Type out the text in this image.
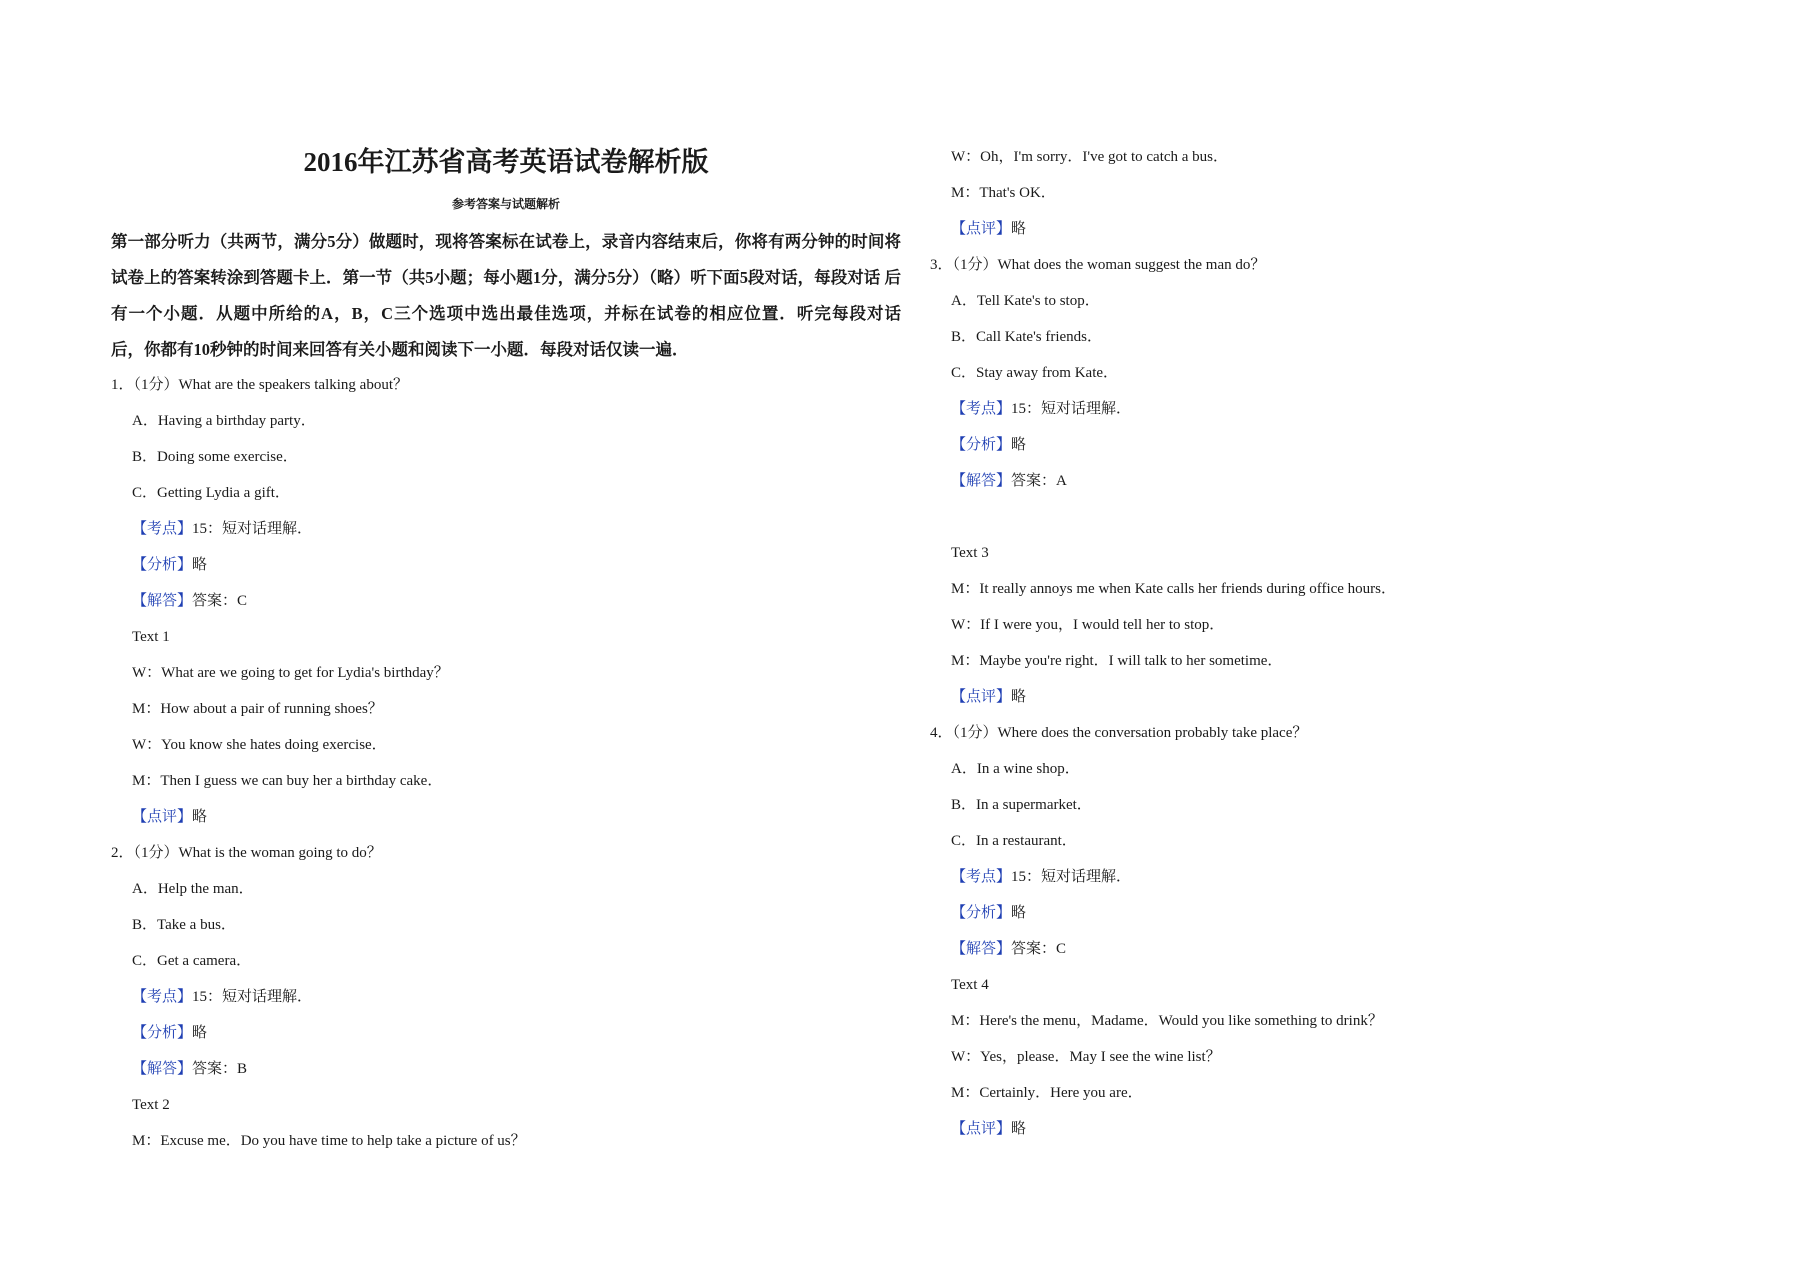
2016年江苏省高考英语试卷解析版
参考答案与试题解析
第一部分听力（共两节，满分5分）做题时，现将答案标在试卷上，录音内容结束后，你将有两分钟的时间将 试卷上的答案转涂到答题卡上．第一节（共5小题；每小题1分，满分5分）（略）听下面5段对话，每段对话 后有一个小题．从题中所给的A，B，C三个选项中选出最佳选项，并标在试卷的相应位置．听完每段对话
后，你都有10秒钟的时间来回答有关小题和阅读下一小题．每段对话仅读一遍．
1．（1分）What are the speakers talking about？
A．Having a birthday party．
B．Doing some exercise．
C．Getting Lydia a gift．
【考点】15：短对话理解．
【分析】略
【解答】答案：C
Text 1
W：What are we going to get for Lydia's birthday？
M：How about a pair of running shoes？
W：You know she hates doing exercise．
M：Then I guess we can buy her a birthday cake．
【点评】略
2．（1分）What is the woman going to do？
A．Help the man．
B．Take a bus．
C．Get a camera．
【考点】15：短对话理解．
【分析】略
【解答】答案：B
Text 2
M：Excuse me．Do you have time to help take a picture of us？
W：Oh，I'm sorry．I've got to catch a bus．
M：That's OK．
【点评】略
3．（1分）What does the woman suggest the man do？
A．Tell Kate's to stop．
B．Call Kate's friends．
C．Stay away from Kate．
【考点】15：短对话理解．
【分析】略
【解答】答案：A
Text 3
M：It really annoys me when Kate calls her friends during office hours．
W：If I were you，I would tell her to stop．
M：Maybe you're right．I will talk to her sometime．
【点评】略
4．（1分）Where does the conversation probably take place？
A．In a wine shop．
B．In a supermarket．
C．In a restaurant．
【考点】15：短对话理解．
【分析】略
【解答】答案：C
Text 4
M：Here's the menu，Madame．Would you like something to drink？
W：Yes，please．May I see the wine list？
M：Certainly．Here you are．
【点评】略
